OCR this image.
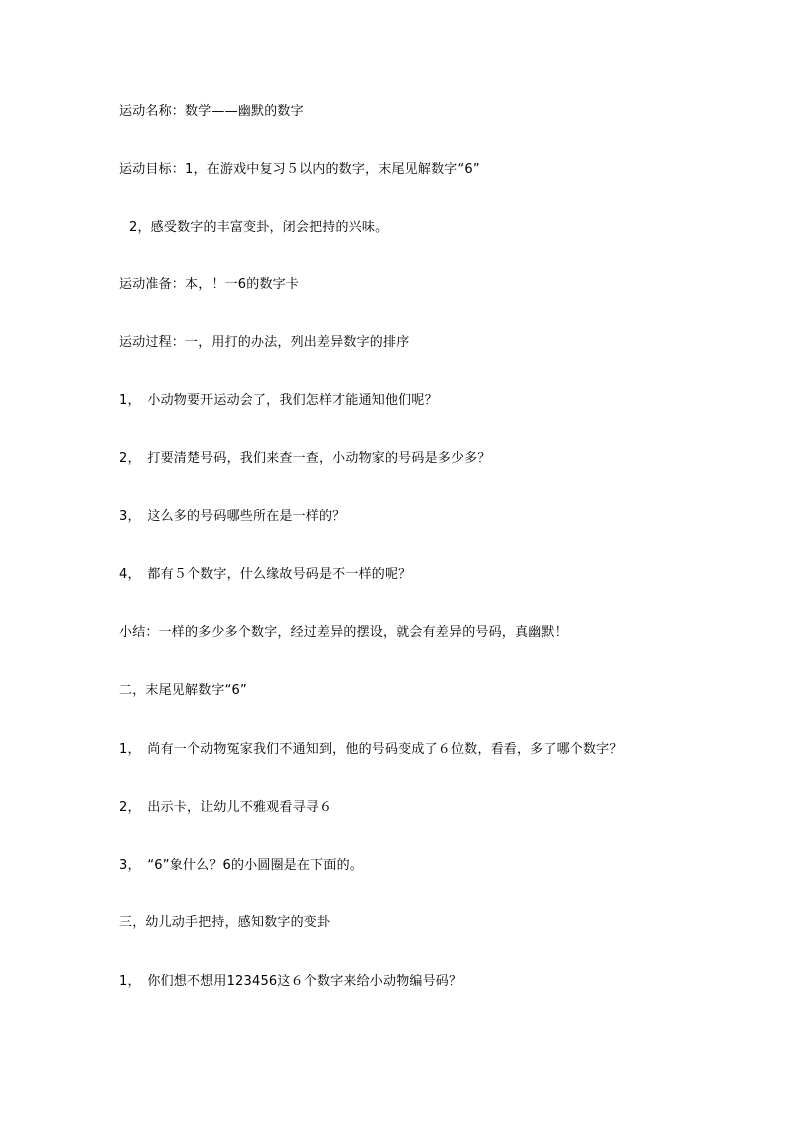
运动名称：数学——幽默的数字
运动目标：1，在游戏中复习５以内的数字，末尾见解数字“6”
2，感受数字的丰富变卦，闭会把持的兴味。
运动准备：本，！一6的数字卡
运动过程：一，用打的办法，列出差异数字的排序
1，　小动物要开运动会了，我们怎样才能通知他们呢？
2，　打要清楚号码，我们来查一查，小动物家的号码是多少多？
3，　这么多的号码哪些所在是一样的？
4，　都有５个数字，什么缘故号码是不一样的呢？
小结：一样的多少多个数字，经过差异的摆设，就会有差异的号码，真幽默！
二，末尾见解数字“6”
1，　尚有一个动物冤家我们不通知到，他的号码变成了６位数，看看，多了哪个数字？
2，　出示卡，让幼儿不雅观看寻寻６
3，　“6”象什么？6的小圆圈是在下面的。
三，幼儿动手把持，感知数字的变卦
1，　你们想不想用123456这６个数字来给小动物编号码？
